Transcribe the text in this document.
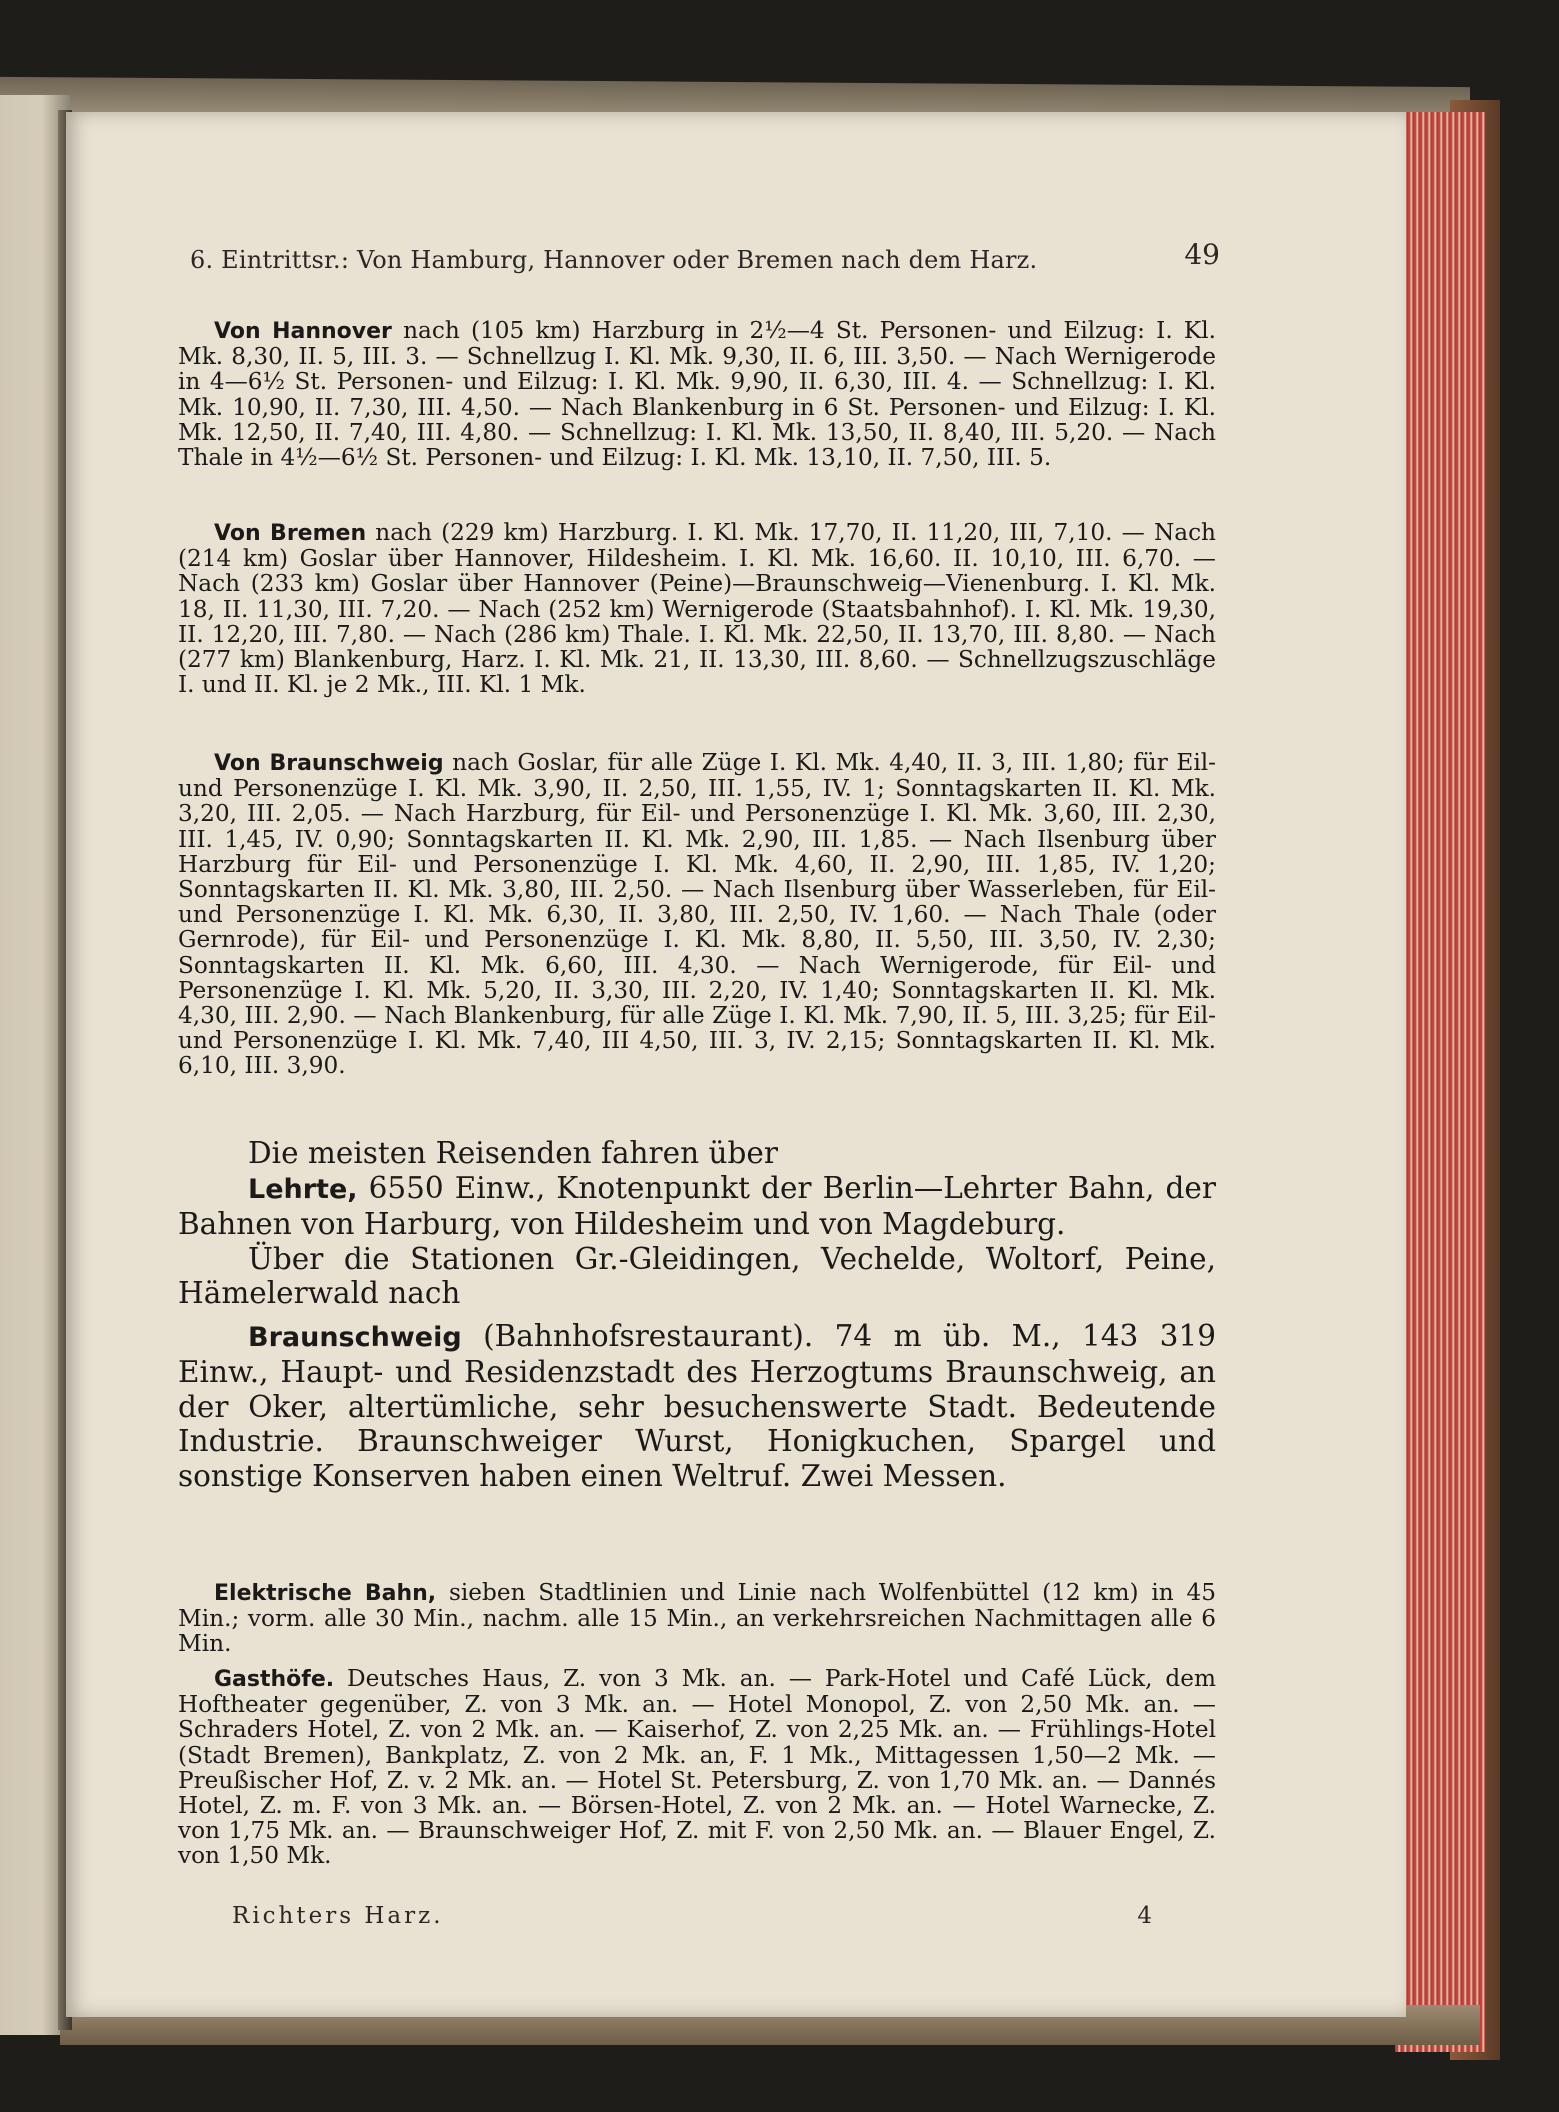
6. Eintrittsr.: Von Hamburg, Hannover oder Bremen nach dem Harz.	49

Von Hannover nach (105 km) Harzburg in 2½—4 St. Personen- und Eilzug: I. Kl. Mk. 8,30, II. 5, III. 3. — Schnellzug I. Kl. Mk. 9,30, II. 6, III. 3,50. — Nach Wernigerode in 4—6½ St. Personen- und Eilzug: I. Kl. Mk. 9,90, II. 6,30, III. 4. — Schnellzug: I. Kl. Mk. 10,90, II. 7,30, III. 4,50. — Nach Blankenburg in 6 St. Personen- und Eilzug: I. Kl. Mk. 12,50, II. 7,40, III. 4,80. — Schnellzug: I. Kl. Mk. 13,50, II. 8,40, III. 5,20. — Nach Thale in 4½—6½ St. Personen- und Eilzug: I. Kl. Mk. 13,10, II. 7,50, III. 5.

Von Bremen nach (229 km) Harzburg. I. Kl. Mk. 17,70, II. 11,20, III, 7,10. — Nach (214 km) Goslar über Hannover, Hildesheim. I. Kl. Mk. 16,60. II. 10,10, III. 6,70. — Nach (233 km) Goslar über Hannover (Peine)—Braunschweig—Vienenburg. I. Kl. Mk. 18, II. 11,30, III. 7,20. — Nach (252 km) Wernigerode (Staatsbahnhof). I. Kl. Mk. 19,30, II. 12,20, III. 7,80. — Nach (286 km) Thale. I. Kl. Mk. 22,50, II. 13,70, III. 8,80. — Nach (277 km) Blankenburg, Harz. I. Kl. Mk. 21, II. 13,30, III. 8,60. — Schnellzugszuschläge I. und II. Kl. je 2 Mk., III. Kl. 1 Mk.

Von Braunschweig nach Goslar, für alle Züge I. Kl. Mk. 4,40, II. 3, III. 1,80; für Eil- und Personenzüge I. Kl. Mk. 3,90, II. 2,50, III. 1,55, IV. 1; Sonntagskarten II. Kl. Mk. 3,20, III. 2,05. — Nach Harzburg, für Eil- und Personenzüge I. Kl. Mk. 3,60, III. 2,30, III. 1,45, IV. 0,90; Sonntagskarten II. Kl. Mk. 2,90, III. 1,85. — Nach Ilsenburg über Harzburg für Eil- und Personenzüge I. Kl. Mk. 4,60, II. 2,90, III. 1,85, IV. 1,20; Sonntagskarten II. Kl. Mk. 3,80, III. 2,50. — Nach Ilsenburg über Wasserleben, für Eil- und Personenzüge I. Kl. Mk. 6,30, II. 3,80, III. 2,50, IV. 1,60. — Nach Thale (oder Gernrode), für Eil- und Personenzüge I. Kl. Mk. 8,80, II. 5,50, III. 3,50, IV. 2,30; Sonntagskarten II. Kl. Mk. 6,60, III. 4,30. — Nach Wernigerode, für Eil- und Personenzüge I. Kl. Mk. 5,20, II. 3,30, III. 2,20, IV. 1,40; Sonntagskarten II. Kl. Mk. 4,30, III. 2,90. — Nach Blankenburg, für alle Züge I. Kl. Mk. 7,90, II. 5, III. 3,25; für Eil- und Personenzüge I. Kl. Mk. 7,40, III 4,50, III. 3, IV. 2,15; Sonntagskarten II. Kl. Mk. 6,10, III. 3,90.

Die meisten Reisenden fahren über

Lehrte, 6550 Einw., Knotenpunkt der Berlin—Lehrter Bahn, der Bahnen von Harburg, von Hildesheim und von Magdeburg.

Über die Stationen Gr.-Gleidingen, Vechelde, Woltorf, Peine, Hämelerwald nach

Braunschweig (Bahnhofsrestaurant). 74 m üb. M., 143 319 Einw., Haupt- und Residenzstadt des Herzogtums Braunschweig, an der Oker, altertümliche, sehr besuchenswerte Stadt. Bedeutende Industrie. Braunschweiger Wurst, Honigkuchen, Spargel und sonstige Konserven haben einen Weltruf. Zwei Messen.

Elektrische Bahn, sieben Stadtlinien und Linie nach Wolfenbüttel (12 km) in 45 Min.; vorm. alle 30 Min., nachm. alle 15 Min., an verkehrsreichen Nachmittagen alle 6 Min.

Gasthöfe. Deutsches Haus, Z. von 3 Mk. an. — Park-Hotel und Café Lück, dem Hoftheater gegenüber, Z. von 3 Mk. an. — Hotel Monopol, Z. von 2,50 Mk. an. — Schraders Hotel, Z. von 2 Mk. an. — Kaiserhof, Z. von 2,25 Mk. an. — Frühlings-Hotel (Stadt Bremen), Bankplatz, Z. von 2 Mk. an, F. 1 Mk., Mittagessen 1,50—2 Mk. — Preußischer Hof, Z. v. 2 Mk. an. — Hotel St. Petersburg, Z. von 1,70 Mk. an. — Dannés Hotel, Z. m. F. von 3 Mk. an. — Börsen-Hotel, Z. von 2 Mk. an. — Hotel Warnecke, Z. von 1,75 Mk. an. — Braunschweiger Hof, Z. mit F. von 2,50 Mk. an. — Blauer Engel, Z. von 1,50 Mk.

Richters Harz.	4
